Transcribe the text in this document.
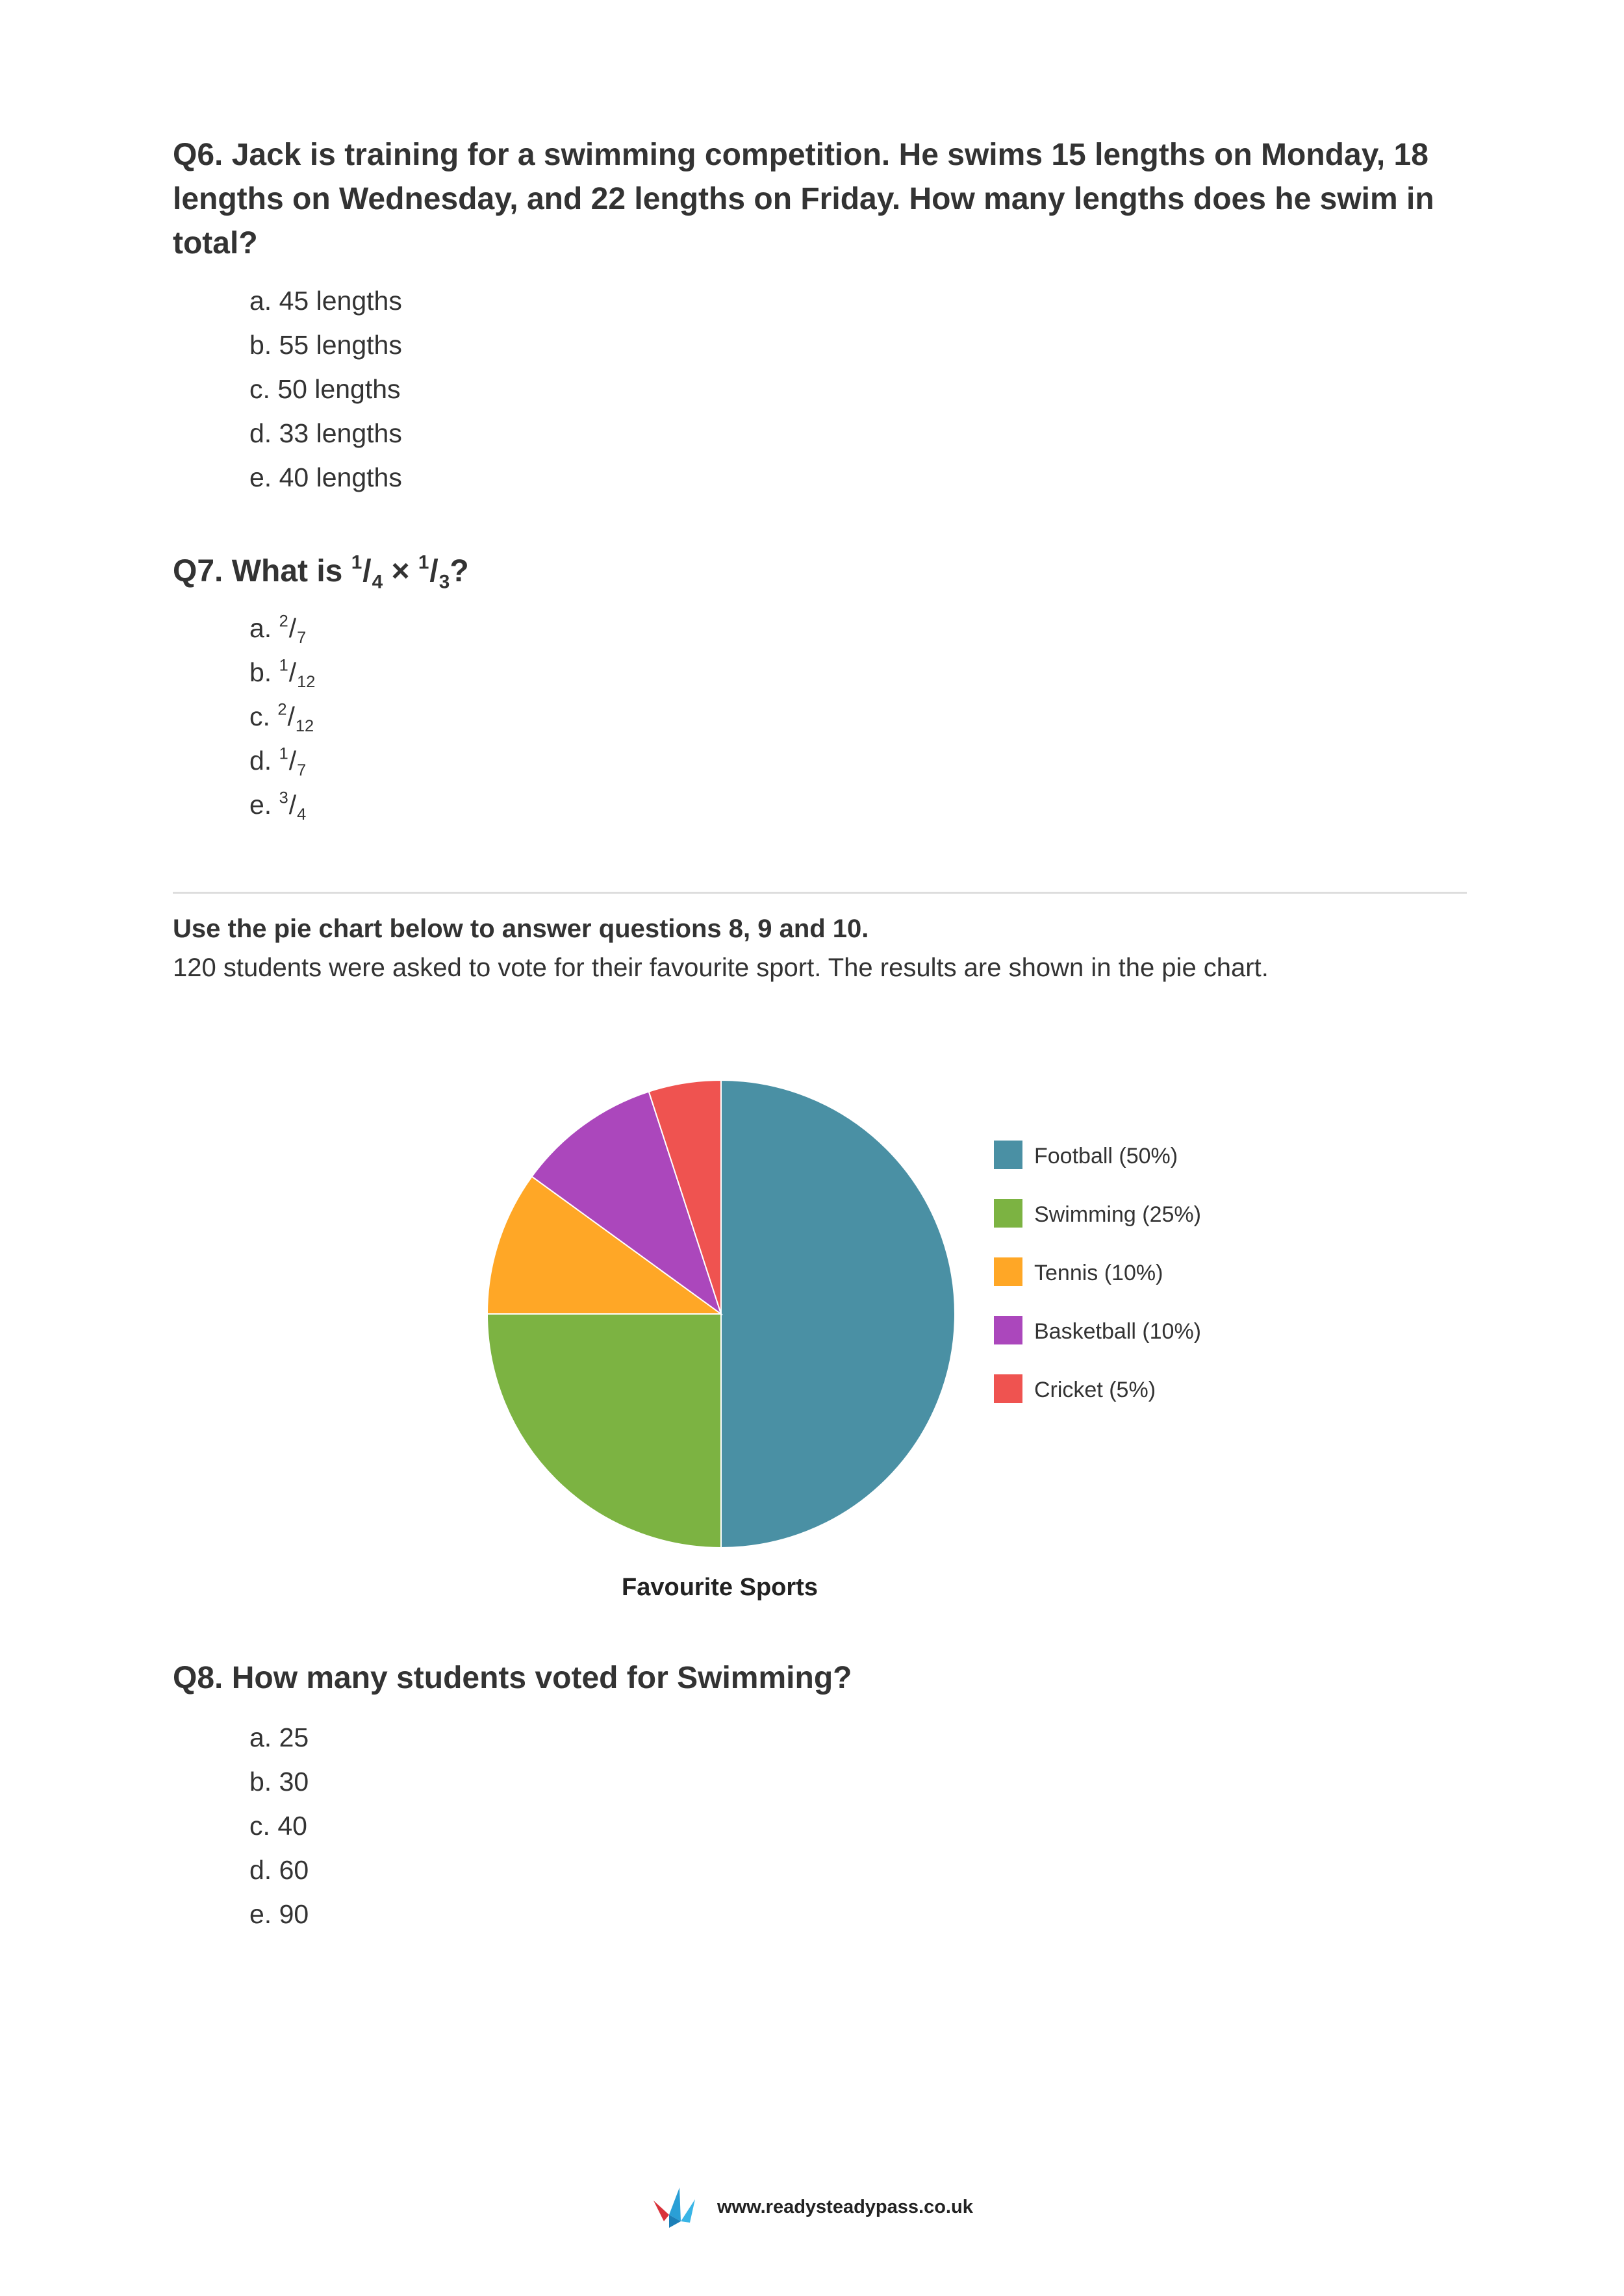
Q6. Jack is training for a swimming competition. He swims 15 lengths on Monday, 18 lengths on Wednesday, and 22 lengths on Friday. How many lengths does he swim in total?
a. 45 lengths
b. 55 lengths
c. 50 lengths
d. 33 lengths
e. 40 lengths
Q7. What is $^1/_4 \times ^1/_3$?
a. $^2/_7$
b. $^1/_{12}$
c. $^2/_{12}$
d. $^1/_7$
e. $^3/_4$
Use the pie chart below to answer questions 8, 9 and 10.
120 students were asked to vote for their favourite sport. The results are shown in the pie chart.
Football (50%)
Swimming (25%)
Tennis (10%)
Basketball (10%)
Cricket (5%)
Favourite Sports
Q8. How many students voted for Swimming?
a. 25
b. 30
c. 40
d. 60
e. 90
www.readysteadypass.co.uk
